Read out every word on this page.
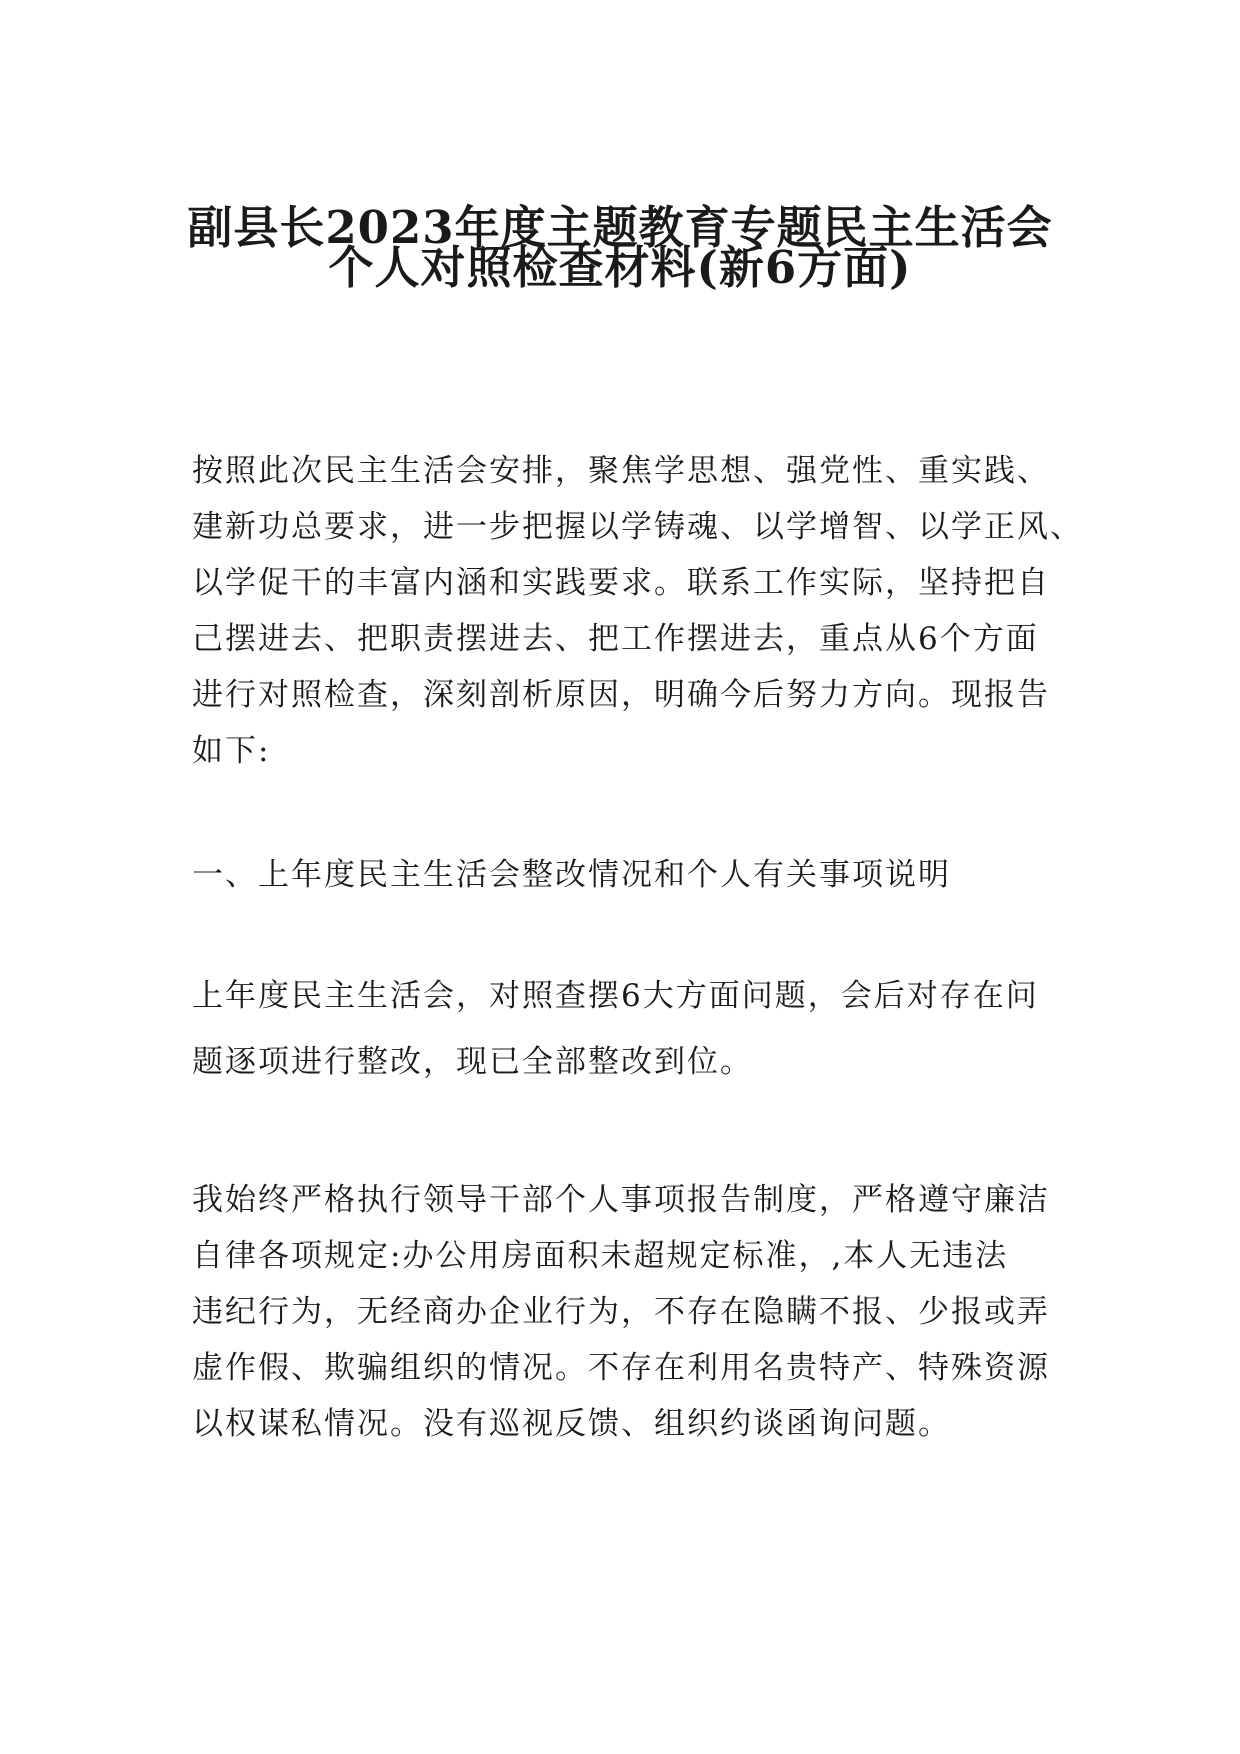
副县长2023年度主题教育专题民主生活会
个人对照检查材料(新6方面)
按照此次民主生活会安排，聚焦学思想、强党性、重实践、
建新功总要求，进一步把握以学铸魂、以学增智、以学正风、
以学促干的丰富内涵和实践要求。联系工作实际，坚持把自
己摆进去、把职责摆进去、把工作摆进去，重点从6个方面
进行对照检查，深刻剖析原因，明确今后努力方向。现报告
如下:
一、上年度民主生活会整改情况和个人有关事项说明
上年度民主生活会，对照查摆6大方面问题，会后对存在问
题逐项进行整改，现已全部整改到位。
我始终严格执行领导干部个人事项报告制度，严格遵守廉洁
自律各项规定:办公用房面积未超规定标准，,本人无违法
违纪行为，无经商办企业行为，不存在隐瞒不报、少报或弄
虚作假、欺骗组织的情况。不存在利用名贵特产、特殊资源
以权谋私情况。没有巡视反馈、组织约谈函询问题。
